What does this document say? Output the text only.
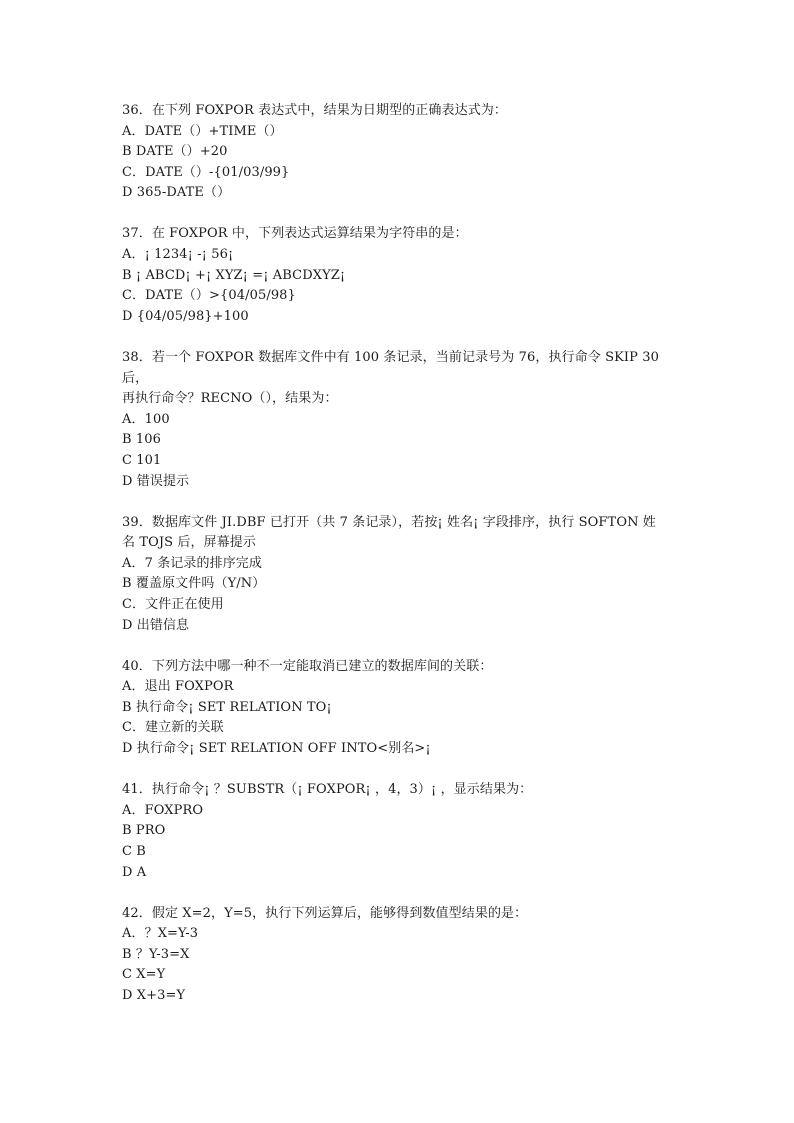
36．在下列 FOXPOR 表达式中，结果为日期型的正确表达式为：
A．DATE（）+TIME（）
B DATE（）+20
C．DATE（）-{01/03/99}
D 365-DATE（）
37．在 FOXPOR 中，下列表达式运算结果为字符串的是：
A．¡ 1234¡ -¡ 56¡
B ¡ ABCD¡ +¡ XYZ¡ =¡ ABCDXYZ¡
C．DATE（）>{04/05/98}
D {04/05/98}+100
38．若一个 FOXPOR 数据库文件中有 100 条记录，当前记录号为 76，执行命令 SKIP 30 后，
再执行命令？RECNO（），结果为：
A．100
B 106
C 101
D 错误提示
39．数据库文件 JI.DBF 已打开（共 7 条记录），若按¡ 姓名¡ 字段排序，执行 SOFTON 姓
名 TOJS 后，屏幕提示
A．7 条记录的排序完成
B 覆盖原文件吗（Y/N）
C．文件正在使用
D 出错信息
40．下列方法中哪一种不一定能取消已建立的数据库间的关联：
A．退出 FOXPOR
B 执行命令¡ SET RELATION TO¡
C．建立新的关联
D 执行命令¡ SET RELATION OFF INTO<别名>¡
41．执行命令¡ ？SUBSTR（¡ FOXPOR¡ ，4，3）¡ ，显示结果为：
A．FOXPRO
B PRO
C B
D A
42．假定 X=2，Y=5，执行下列运算后，能够得到数值型结果的是：
A．？X=Y-3
B ？Y-3=X
C X=Y
D X+3=Y
